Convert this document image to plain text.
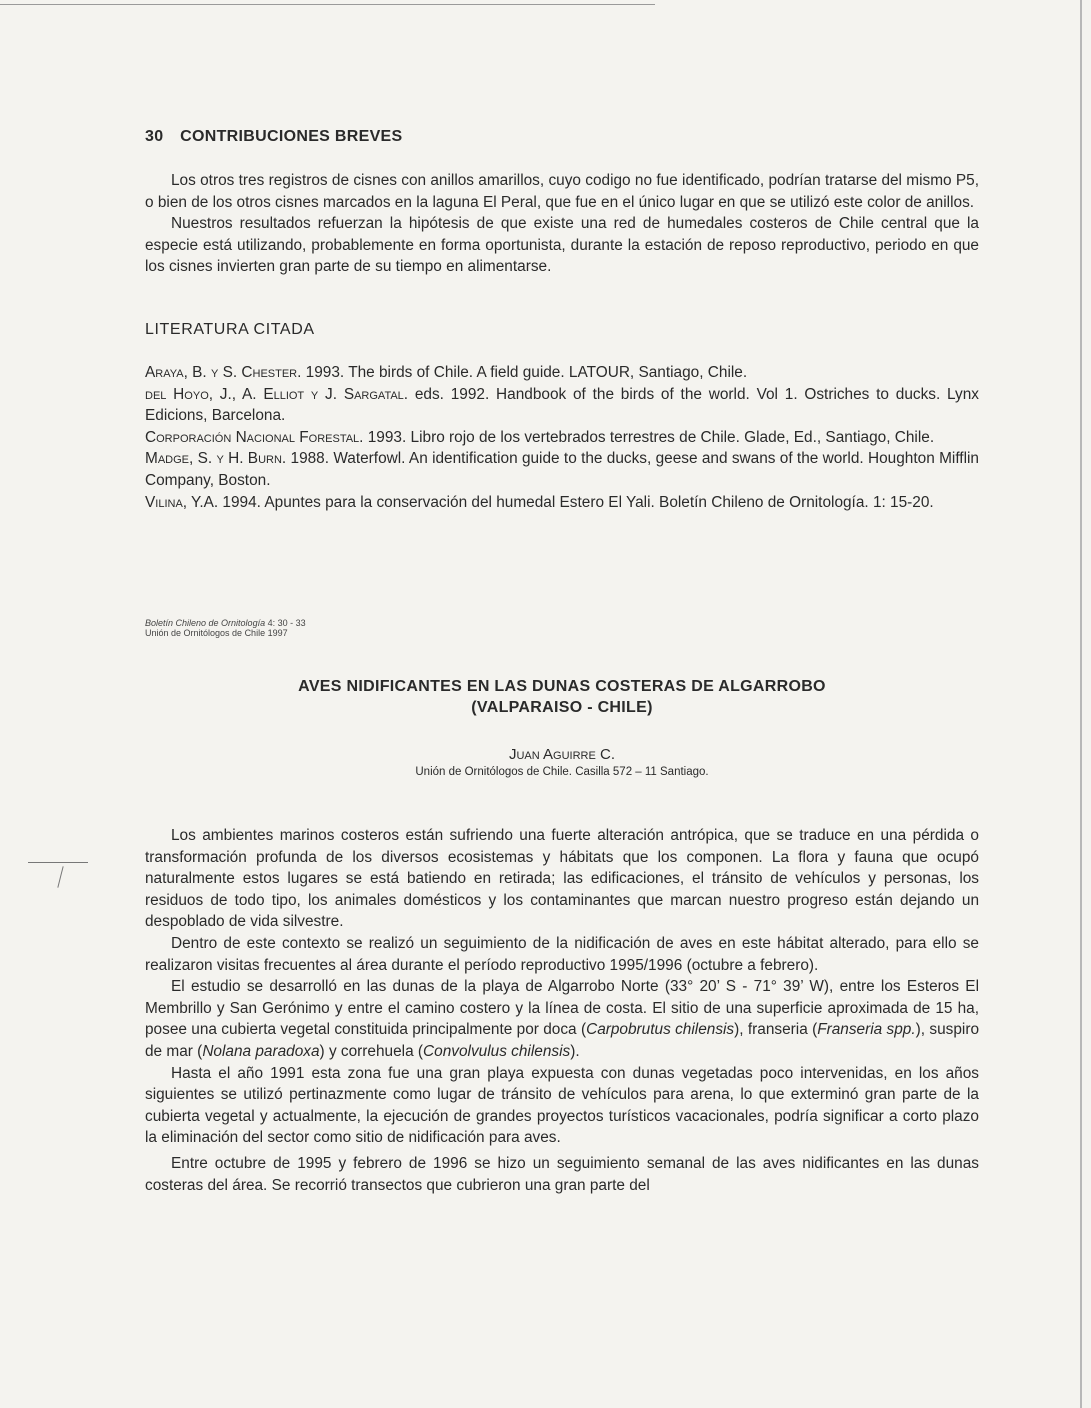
30 CONTRIBUCIONES BREVES

Los otros tres registros de cisnes con anillos amarillos, cuyo codigo no fue identificado, podrían tratarse del mismo P5, o bien de los otros cisnes marcados en la laguna El Peral, que fue en el único lugar en que se utilizó este color de anillos.

Nuestros resultados refuerzan la hipótesis de que existe una red de humedales costeros de Chile central que la especie está utilizando, probablemente en forma oportunista, durante la estación de reposo reproductivo, periodo en que los cisnes invierten gran parte de su tiempo en alimentarse.

LITERATURA CITADA

Araya, B. y S. Chester. 1993. The birds of Chile. A field guide. LATOUR, Santiago, Chile.

del Hoyo, J., A. Elliot y J. Sargatal. eds. 1992. Handbook of the birds of the world. Vol 1. Ostriches to ducks. Lynx Edicions, Barcelona.

Corporación Nacional Forestal. 1993. Libro rojo de los vertebrados terrestres de Chile. Glade, Ed., Santiago, Chile.

Madge, S. y H. Burn. 1988. Waterfowl. An identification guide to the ducks, geese and swans of the world. Houghton Mifflin Company, Boston.

Vilina, Y.A. 1994. Apuntes para la conservación del humedal Estero El Yali. Boletín Chileno de Ornitología. 1: 15-20.

Boletín Chileno de Ornitología 4: 30 - 33
Unión de Ornitólogos de Chile 1997
AVES NIDIFICANTES EN LAS DUNAS COSTERAS DE ALGARROBO
(VALPARAISO - CHILE)
Juan Aguirre C.
Unión de Ornitólogos de Chile. Casilla 572 – 11 Santiago.

Los ambientes marinos costeros están sufriendo una fuerte alteración antrópica, que se traduce en una pérdida o transformación profunda de los diversos ecosistemas y hábitats que los componen. La flora y fauna que ocupó naturalmente estos lugares se está batiendo en retirada; las edificaciones, el tránsito de vehículos y personas, los residuos de todo tipo, los animales domésticos y los contaminantes que marcan nuestro progreso están dejando un despoblado de vida silvestre.

Dentro de este contexto se realizó un seguimiento de la nidificación de aves en este hábitat alterado, para ello se realizaron visitas frecuentes al área durante el período reproductivo 1995/1996 (octubre a febrero).

El estudio se desarrolló en las dunas de la playa de Algarrobo Norte (33° 20’ S - 71° 39’ W), entre los Esteros El Membrillo y San Gerónimo y entre el camino costero y la línea de costa. El sitio de una superficie aproximada de 15 ha, posee una cubierta vegetal constituida principalmente por doca (Carpobrutus chilensis), franseria (Franseria spp.), suspiro de mar (Nolana paradoxa) y correhuela (Convolvulus chilensis).

Hasta el año 1991 esta zona fue una gran playa expuesta con dunas vegetadas poco intervenidas, en los años siguientes se utilizó pertinazmente como lugar de tránsito de vehículos para arena, lo que exterminó gran parte de la cubierta vegetal y actualmente, la ejecución de grandes proyectos turísticos vacacionales, podría significar a corto plazo la eliminación del sector como sitio de nidificación para aves.

Entre octubre de 1995 y febrero de 1996 se hizo un seguimiento semanal de las aves nidificantes en las dunas costeras del área. Se recorrió transectos que cubrieron una gran parte del
